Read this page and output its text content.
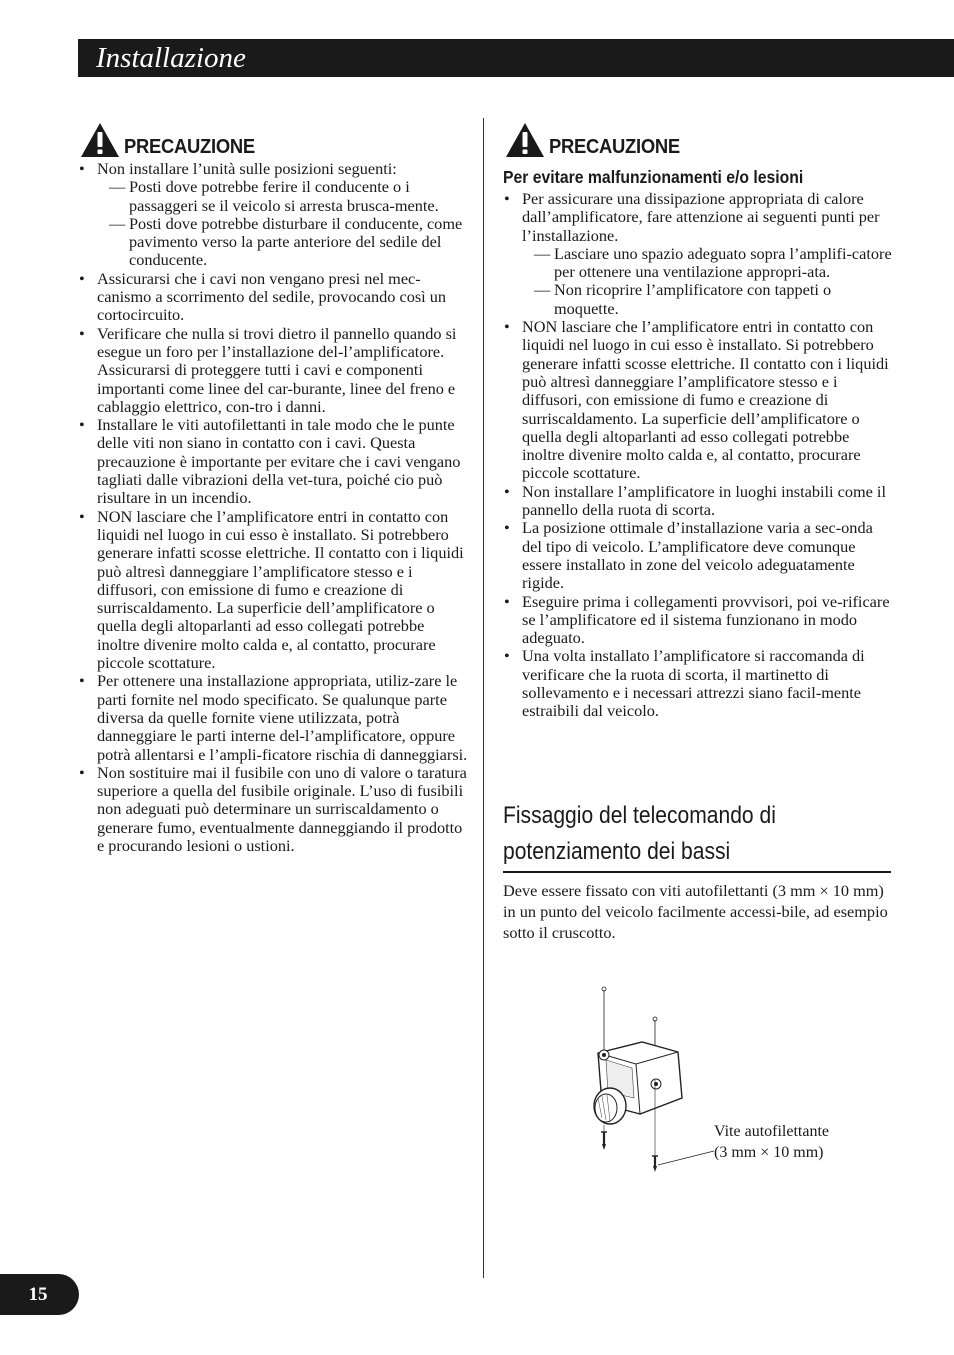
Installazione
PRECAUZIONE
• Non installare l’unità sulle posizioni seguenti:
— Posti dove potrebbe ferire il conducente o i passaggeri se il veicolo si arresta brusca-mente.
— Posti dove potrebbe disturbare il conducente, come pavimento verso la parte anteriore del sedile del conducente.
• Assicurarsi che i cavi non vengano presi nel mec-canismo a scorrimento del sedile, provocando così un cortocircuito.
• Verificare che nulla si trovi dietro il pannello quando si esegue un foro per l’installazione del-l’amplificatore. Assicurarsi di proteggere tutti i cavi e componenti importanti come linee del car-burante, linee del freno e cablaggio elettrico, con-tro i danni.
• Installare le viti autofilettanti in tale modo che le punte delle viti non siano in contatto con i cavi. Questa precauzione è importante per evitare che i cavi vengano tagliati dalle vibrazioni della vet-tura, poiché cio può risultare in un incendio.
• NON lasciare che l’amplificatore entri in contatto con liquidi nel luogo in cui esso è installato. Si potrebbero generare infatti scosse elettriche. Il contatto con i liquidi può altresì danneggiare l’amplificatore stesso e i diffusori, con emissione di fumo e creazione di surriscaldamento. La superficie dell’amplificatore o quella degli altoparlanti ad esso collegati potrebbe inoltre divenire molto calda e, al contatto, procurare piccole scottature.
• Per ottenere una installazione appropriata, utiliz-zare le parti fornite nel modo specificato. Se qualunque parte diversa da quelle fornite viene utilizzata, potrà danneggiare le parti interne del-l’amplificatore, oppure potrà allentarsi e l’ampli-ficatore rischia di danneggiarsi.
• Non sostituire mai il fusibile con uno di valore o taratura superiore a quella del fusibile originale. L’uso di fusibili non adeguati può determinare un surriscaldamento o generare fumo, eventualmente danneggiando il prodotto e procurando lesioni o ustioni.
PRECAUZIONE
Per evitare malfunzionamenti e/o lesioni
• Per assicurare una dissipazione appropriata di calore dall’amplificatore, fare attenzione ai seguenti punti per l’installazione.
— Lasciare uno spazio adeguato sopra l’amplifi-catore per ottenere una ventilazione appropri-ata.
— Non ricoprire l’amplificatore con tappeti o moquette.
• NON lasciare che l’amplificatore entri in contatto con liquidi nel luogo in cui esso è installato. Si potrebbero generare infatti scosse elettriche. Il contatto con i liquidi può altresì danneggiare l’amplificatore stesso e i diffusori, con emissione di fumo e creazione di surriscaldamento. La superficie dell’amplificatore o quella degli altoparlanti ad esso collegati potrebbe inoltre divenire molto calda e, al contatto, procurare piccole scottature.
• Non installare l’amplificatore in luoghi instabili come il pannello della ruota di scorta.
• La posizione ottimale d’installazione varia a sec-onda del tipo di veicolo. L’amplificatore deve comunque essere installato in zone del veicolo adeguatamente rigide.
• Eseguire prima i collegamenti provvisori, poi ve-rificare se l’amplificatore ed il sistema funzionano in modo adeguato.
• Una volta installato l’amplificatore si raccomanda di verificare che la ruota di scorta, il martinetto di sollevamento e i necessari attrezzi siano facil-mente estraibili dal veicolo.
Fissaggio del telecomando di
potenziamento dei bassi
Deve essere fissato con viti autofilettanti (3 mm × 10 mm) in un punto del veicolo facilmente accessi-bile, ad esempio sotto il cruscotto.
Vite autofilettante
(3 mm × 10 mm)
15
